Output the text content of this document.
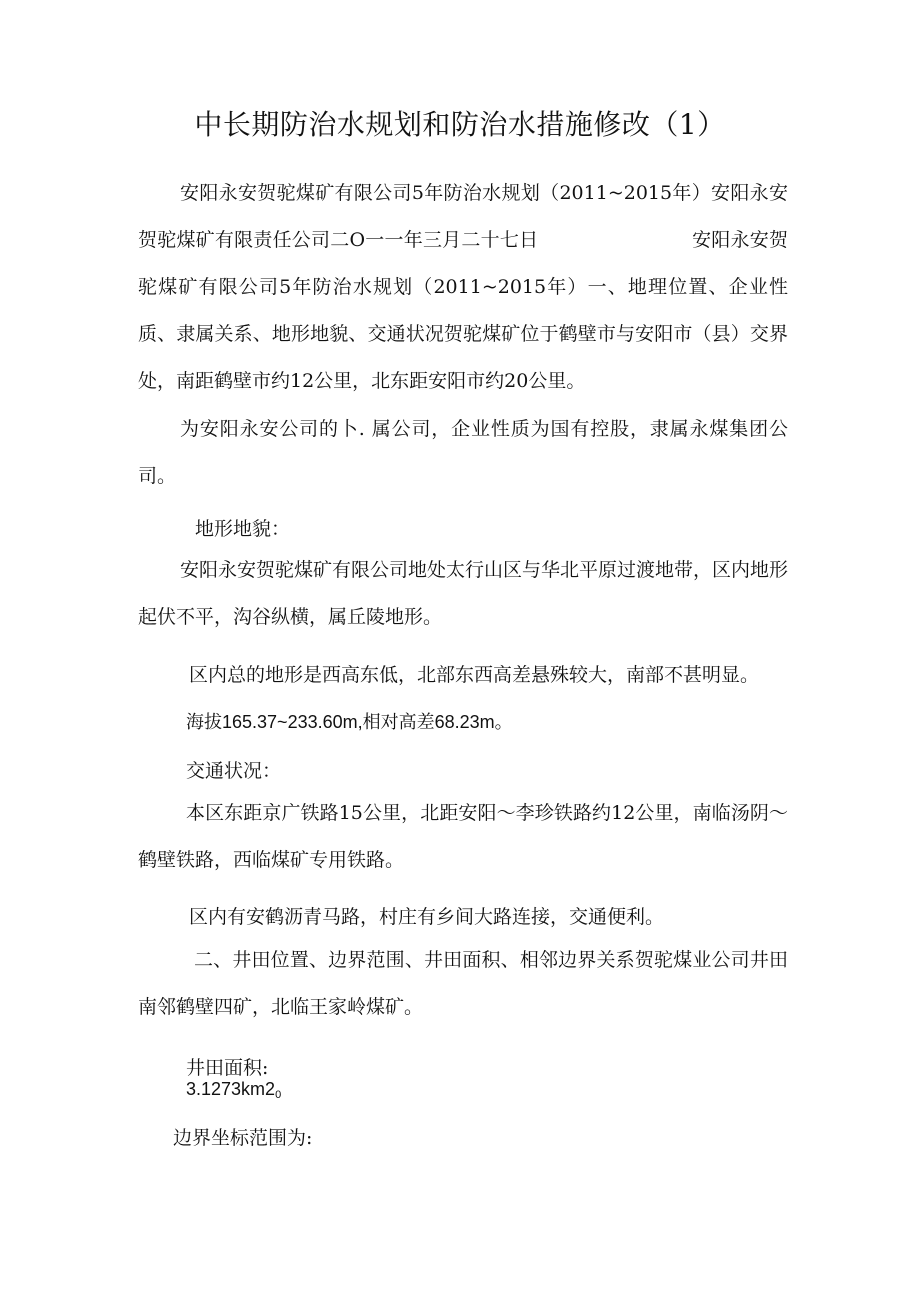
中长期防治水规划和防治水措施修改（1）

安阳永安贺驼煤矿有限公司5年防治水规划（2011~2015年）安阳永安贺驼煤矿有限责任公司二O一一年三月二十七日　　　　　　　　安阳永安贺驼煤矿有限公司5年防治水规划（2011~2015年）一、地理位置、企业性质、隶属关系、地形地貌、交通状况贺驼煤矿位于鹤壁市与安阳市（县）交界处，南距鹤壁市约12公里，北东距安阳市约20公里。

为安阳永安公司的卜. 属公司，企业性质为国有控股，隶属永煤集团公司。

地形地貌：

安阳永安贺驼煤矿有限公司地处太行山区与华北平原过渡地带，区内地形起伏不平，沟谷纵横，属丘陵地形。

区内总的地形是西高东低，北部东西高差悬殊较大，南部不甚明显。
海拔165.37~233.60m,相对高差68.23m。
交通状况：

本区东距京广铁路15公里，北距安阳～李珍铁路约12公里，南临汤阴～鹤壁铁路，西临煤矿专用铁路。

区内有安鹤沥青马路，村庄有乡间大路连接，交通便利。

二、井田位置、边界范围、井田面积、相邻边界关系贺驼煤业公司井田南邻鹤壁四矿，北临王家岭煤矿。

井田面积:
$3.1273km2_0$
边界坐标范围为:
